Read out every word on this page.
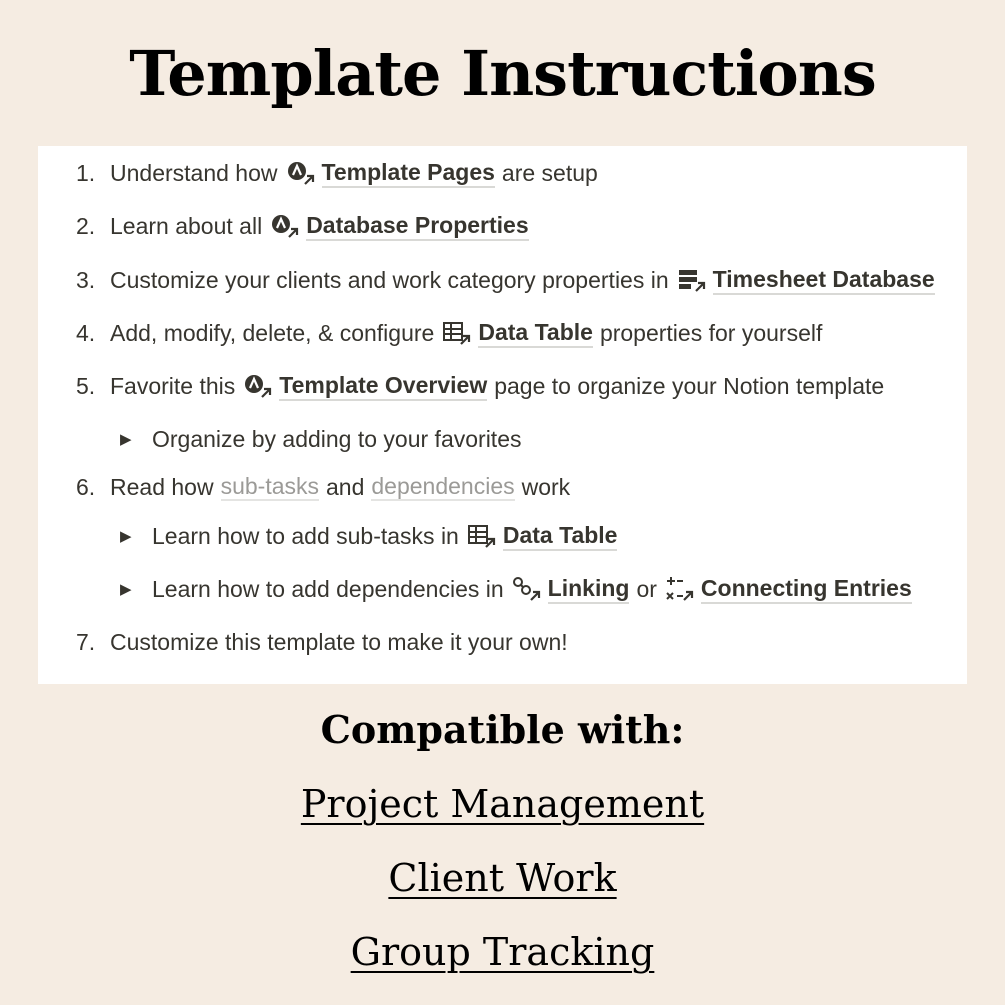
Template Instructions
1. Understand how Template Pages are setup
2. Learn about all Database Properties
3. Customize your clients and work category properties in Timesheet Database
4. Add, modify, delete, & configure Data Table properties for yourself
5. Favorite this Template Overview page to organize your Notion template
▶ Organize by adding to your favorites
6. Read how sub-tasks and dependencies work
▶ Learn how to add sub-tasks in Data Table
▶ Learn how to add dependencies in Linking or Connecting Entries
7. Customize this template to make it your own!
Compatible with:
Project Management
Client Work
Group Tracking
